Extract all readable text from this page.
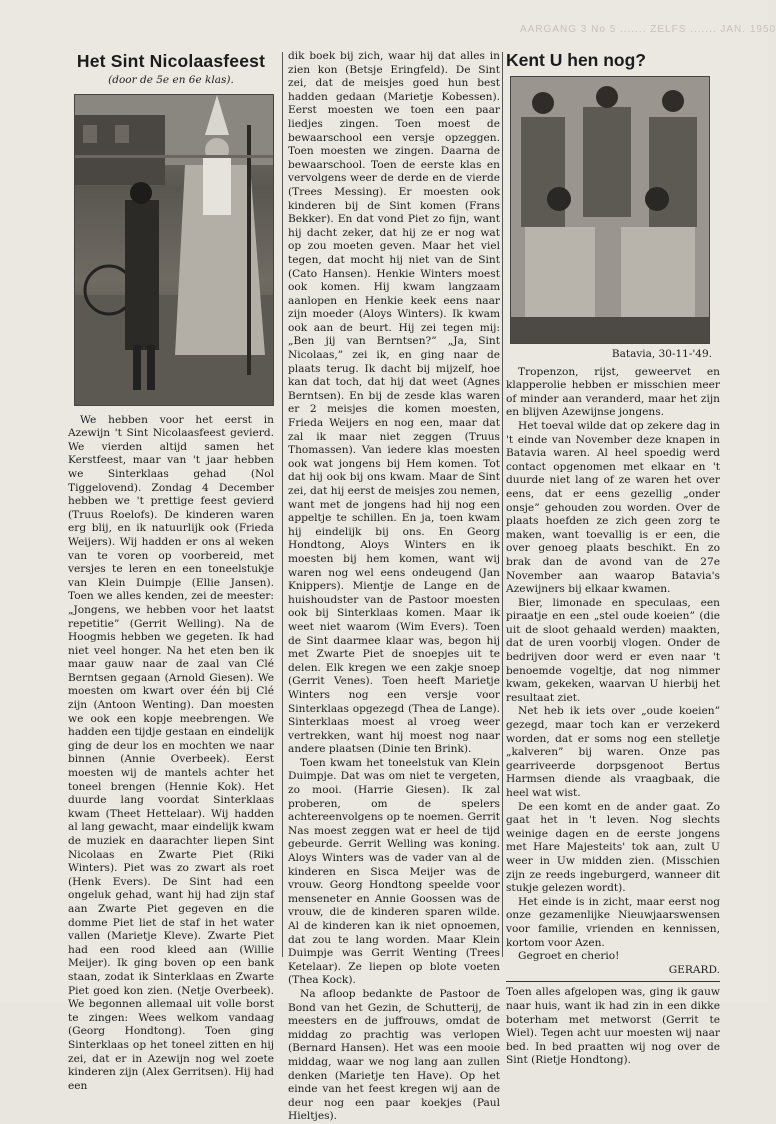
AARGANG 3 No 5 ....... ZELFS ....... JAN. 1950
Het Sint Nicolaasfeest
(door de 5e en 6e klas).

We hebben voor het eerst in Azewijn 't Sint Nicolaasfeest gevierd. We vierden altijd samen het Kerstfeest, maar van 't jaar hebben we Sinterklaas gehad (Nol Tiggelovend). Zondag 4 December hebben we 't prettige feest gevierd (Truus Roelofs). De kinderen waren erg blij, en ik natuurlijk ook (Frieda Weijers). Wij hadden er ons al weken van te voren op voorbereid, met versjes te leren en een toneelstukje van Klein Duimpje (Ellie Jansen). Toen we alles kenden, zei de meester: „Jongens, we hebben voor het laatst repetitie” (Gerrit Welling). Na de Hoogmis hebben we gegeten. Ik had niet veel honger. Na het eten ben ik maar gauw naar de zaal van Clé Berntsen gegaan (Arnold Giesen). We moesten om kwart over één bij Clé zijn (Antoon Wenting). Dan moesten we ook een kopje meebrengen. We hadden een tijdje gestaan en eindelijk ging de deur los en mochten we naar binnen (Annie Overbeek). Eerst moesten wij de mantels achter het toneel brengen (Hennie Kok). Het duurde lang voordat Sinterklaas kwam (Theet Hettelaar). Wij hadden al lang gewacht, maar eindelijk kwam de muziek en daarachter liepen Sint Nicolaas en Zwarte Piet (Riki Winters). Piet was zo zwart als roet (Henk Evers). De Sint had een ongeluk gehad, want hij had zijn staf aan Zwarte Piet gegeven en die domme Piet liet de staf in het water vallen (Marietje Kleve). Zwarte Piet had een rood kleed aan (Willie Meijer). Ik ging boven op een bank staan, zodat ik Sinterklaas en Zwarte Piet goed kon zien. (Netje Overbeek). We begonnen allemaal uit volle borst te zingen: Wees welkom vandaag (Georg Hondtong). Toen ging Sinterklaas op het toneel zitten en hij zei, dat er in Azewijn nog wel zoete kinderen zijn (Alex Gerritsen). Hij had een

dik boek bij zich, waar hij dat alles in zien kon (Betsje Eringfeld). De Sint zei, dat de meisjes goed hun best hadden gedaan (Marietje Kobessen). Eerst moesten we toen een paar liedjes zingen. Toen moest de bewaarschool een versje opzeggen. Toen moesten we zingen. Daarna de bewaarschool. Toen de eerste klas en vervolgens weer de derde en de vierde (Trees Messing). Er moesten ook kinderen bij de Sint komen (Frans Bekker). En dat vond Piet zo fijn, want hij dacht zeker, dat hij ze er nog wat op zou moeten geven. Maar het viel tegen, dat mocht hij niet van de Sint (Cato Hansen). Henkie Winters moest ook komen. Hij kwam langzaam aanlopen en Henkie keek eens naar zijn moeder (Aloys Winters). Ik kwam ook aan de beurt. Hij zei tegen mij: „Ben jij van Berntsen?” „Ja, Sint Nicolaas,” zei ik, en ging naar de plaats terug. Ik dacht bij mijzelf, hoe kan dat toch, dat hij dat weet (Agnes Berntsen). En bij de zesde klas waren er 2 meisjes die komen moesten, Frieda Weijers en nog een, maar dat zal ik maar niet zeggen (Truus Thomassen). Van iedere klas moesten ook wat jongens bij Hem komen. Tot dat hij ook bij ons kwam. Maar de Sint zei, dat hij eerst de meisjes zou nemen, want met de jongens had hij nog een appeltje te schillen. En ja, toen kwam hij eindelijk bij ons. En Georg Hondtong, Aloys Winters en ik moesten bij hem komen, want wij waren nog wel eens ondeugend (Jan Knippers). Mientje de Lange en de huishoudster van de Pastoor moesten ook bij Sinterklaas komen. Maar ik weet niet waarom (Wim Evers). Toen de Sint daarmee klaar was, begon hij met Zwarte Piet de snoepjes uit te delen. Elk kregen we een zakje snoep (Gerrit Venes). Toen heeft Marietje Winters nog een versje voor Sinterklaas opgezegd (Thea de Lange). Sinterklaas moest al vroeg weer vertrekken, want hij moest nog naar andere plaatsen (Dinie ten Brink).

Toen kwam het toneelstuk van Klein Duimpje. Dat was om niet te vergeten, zo mooi. (Harrie Giesen). Ik zal proberen, om de spelers achtereenvolgens op te noemen. Gerrit Nas moest zeggen wat er heel de tijd gebeurde. Gerrit Welling was koning. Aloys Winters was de vader van al de kinderen en Sisca Meijer was de vrouw. Georg Hondtong speelde voor menseneter en Annie Goossen was de vrouw, die de kinderen sparen wilde. Al de kinderen kan ik niet opnoemen, dat zou te lang worden. Maar Klein Duimpje was Gerrit Wenting (Trees Ketelaar). Ze liepen op blote voeten (Thea Kock).

Na afloop bedankte de Pastoor de Bond van het Gezin, de Schutterij, de meesters en de juffrouws, omdat de middag zo prachtig was verlopen (Bernard Hansen). Het was een mooie middag, waar we nog lang aan zullen denken (Marietje ten Have). Op het einde van het feest kregen wij aan de deur nog een paar koekjes (Paul Hieltjes).

Kent U hen nog?
Batavia, 30-11-'49.

Tropenzon, rijst, geweervet en klapperolie hebben er misschien meer of minder aan veranderd, maar het zijn en blijven Azewijnse jongens.

Het toeval wilde dat op zekere dag in 't einde van November deze knapen in Batavia waren. Al heel spoedig werd contact opgenomen met elkaar en 't duurde niet lang of ze waren het over eens, dat er eens gezellig „onder onsje” gehouden zou worden. Over de plaats hoefden ze zich geen zorg te maken, want toevallig is er een, die over genoeg plaats beschikt. En zo brak dan de avond van de 27e November aan waarop Batavia's Azewijners bij elkaar kwamen.

Bier, limonade en speculaas, een piraatje en een „stel oude koeien” (die uit de sloot gehaald werden) maakten, dat de uren voorbij vlogen. Onder de bedrijven door werd er even naar 't benoemde vogeltje, dat nog nimmer kwam, gekeken, waarvan U hierbij het resultaat ziet.

Net heb ik iets over „oude koeien” gezegd, maar toch kan er verzekerd worden, dat er soms nog een stelletje „kalveren” bij waren. Onze pas gearriveerde dorpsgenoot Bertus Harmsen diende als vraagbaak, die heel wat wist.

De een komt en de ander gaat. Zo gaat het in 't leven. Nog slechts weinige dagen en de eerste jongens met Hare Majesteits' tok aan, zult U weer in Uw midden zien. (Misschien zijn ze reeds ingeburgerd, wanneer dit stukje gelezen wordt).

Het einde is in zicht, maar eerst nog onze gezamenlijke Nieuwjaarswensen voor familie, vrienden en kennissen, kortom voor Azen.

Gegroet en cherio!

GERARD.

Toen alles afgelopen was, ging ik gauw naar huis, want ik had zin in een dikke boterham met metworst (Gerrit te Wiel). Tegen acht uur moesten wij naar bed. In bed praatten wij nog over de Sint (Rietje Hondtong).
